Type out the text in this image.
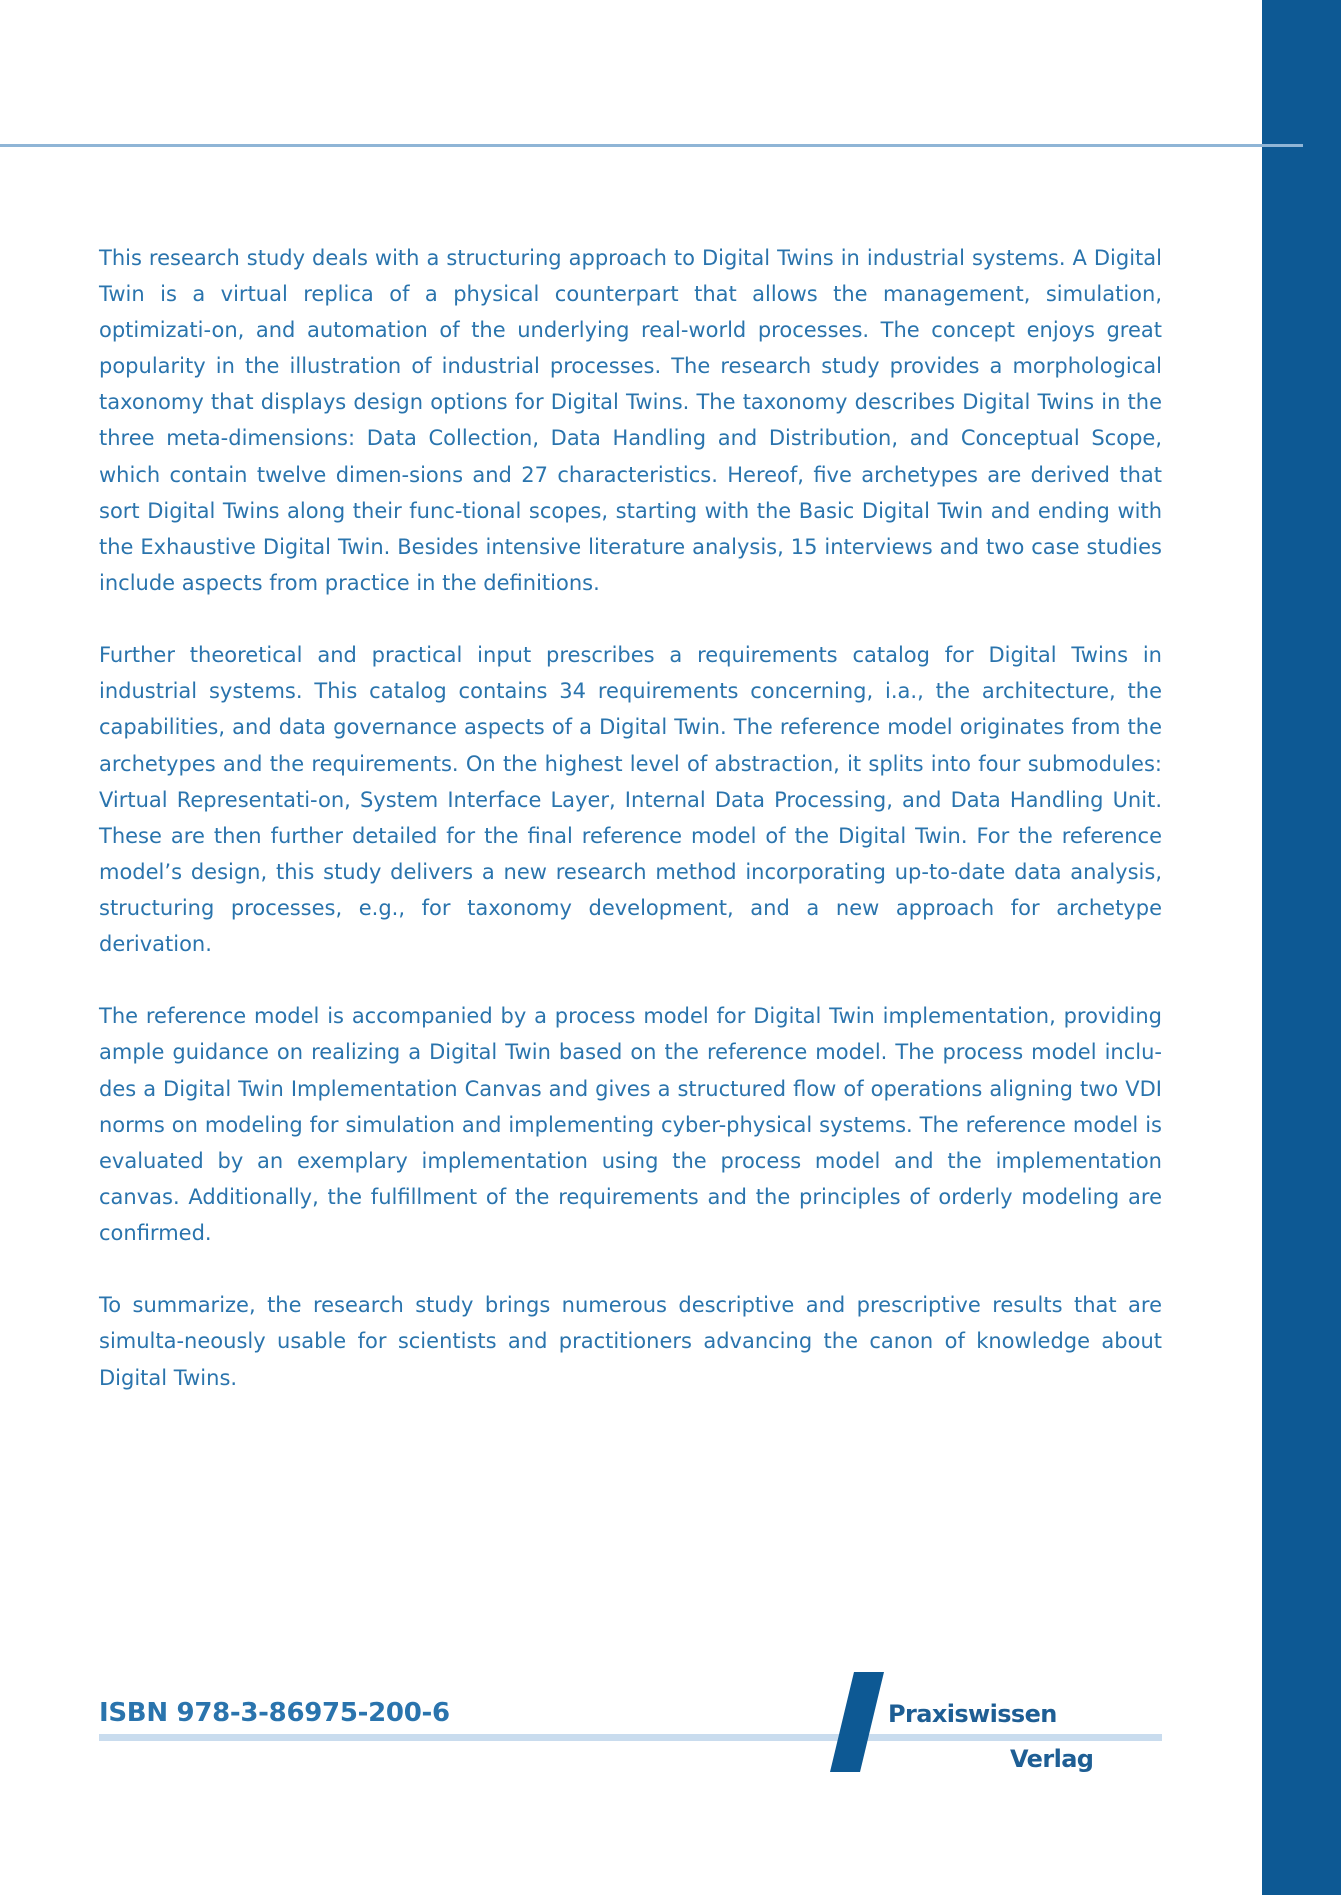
This research study deals with a structuring approach to Digital Twins in industrial systems. A Digital Twin is a virtual replica of a physical counterpart that allows the management, simulation, optimizati-on, and automation of the underlying real-world processes. The concept enjoys great popularity in the illustration of industrial processes. The research study provides a morphological taxonomy that displays design options for Digital Twins. The taxonomy describes Digital Twins in the three meta-dimensions: Data Collection, Data Handling and Distribution, and Conceptual Scope, which contain twelve dimen-sions and 27 characteristics. Hereof, five archetypes are derived that sort Digital Twins along their func-tional scopes, starting with the Basic Digital Twin and ending with the Exhaustive Digital Twin. Besides intensive literature analysis, 15 interviews and two case studies include aspects from practice in the definitions.

Further theoretical and practical input prescribes a requirements catalog for Digital Twins in industrial systems. This catalog contains 34 requirements concerning, i.a., the architecture, the capabilities, and data governance aspects of a Digital Twin. The reference model originates from the archetypes and the requirements. On the highest level of abstraction, it splits into four submodules: Virtual Representati-on, System Interface Layer, Internal Data Processing, and Data Handling Unit. These are then further detailed for the final reference model of the Digital Twin. For the reference model’s design, this study delivers a new research method incorporating up-to-date data analysis, structuring processes, e.g., for taxonomy development, and a new approach for archetype derivation.

The reference model is accompanied by a process model for Digital Twin implementation, providing ample guidance on realizing a Digital Twin based on the reference model. The process model inclu-des a Digital Twin Implementation Canvas and gives a structured flow of operations aligning two VDI norms on modeling for simulation and implementing cyber-physical systems. The reference model is evaluated by an exemplary implementation using the process model and the implementation canvas. Additionally, the fulfillment of the requirements and the principles of orderly modeling are confirmed.

To summarize, the research study brings numerous descriptive and prescriptive results that are simulta-neously usable for scientists and practitioners advancing the canon of knowledge about Digital Twins.

ISBN 978-3-86975-200-6	Praxiswissen
Verlag
